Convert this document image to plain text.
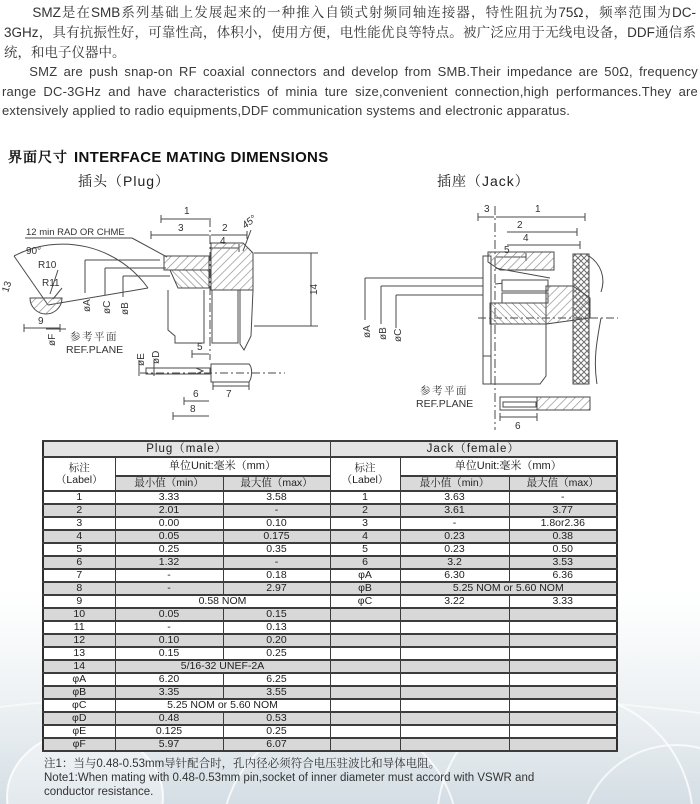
SMZ是在SMB系列基础上发展起来的一种推入自锁式射频同轴连接器，特性阻抗为75Ω，频率范围为DC-3GHz，具有抗振性好，可靠性高，体积小，使用方便，电性能优良等特点。被广泛应用于无线电设备，DDF通信系统，和电子仪器中。
SMZ are push snap-on RF coaxial connectors and develop from SMB.Their impedance are 50Ω, frequency range DC-3GHz and have characteristics of minia ture size,convenient connection,high performances.They are extensively applied to radio equipments,DDF communication systems and electronic apparatus.
界面尺寸 INTERFACE MATING DIMENSIONS
插头（Plug）	插座（Jack）
12 min RAD OR CHME
90°
R10
R11
13
9
øF
1
3	2
4
45°
14
øA øC øB
参考平面
REF.PLANE	5
øE øD
7
6
8
3	1
2
4
5
øA øB øC
参考平面
REF.PLANE
6
Plug（male）			Jack（female）		
标注
（Label）	单位Unit:毫米（mm）		标注
（Label）	单位Unit:毫米（mm）	
	最小值（min）	最大值（max）		最小值（min）	最大值（max）
1	3.33	3.58	1	3.63	-
2	2.01	-	2	3.61	3.77
3	0.00	0.10	3	-	1.8or2.36
4	0.05	0.175	4	0.23	0.38
5	0.25	0.35	5	0.23	0.50
6	1.32	-	6	3.2	3.53
7	-	0.18	φA	6.30	6.36
8	-	2.97	φB	5.25 NOM or 5.60 NOM	
9	0.58 NOM		φC	3.22	3.33
10	0.05	0.15			
11	-	0.13			
12	0.10	0.20			
13	0.15	0.25			
14	5/16-32 UNEF-2A				
φA	6.20	6.25			
φB	3.35	3.55			
φC	5.25 NOM or 5.60 NOM				
φD	0.48	0.53			
φE	0.125	0.25			
φF	5.97	6.07			
注1：当与0.48-0.53mm导针配合时，孔内径必须符合电压驻波比和导体电阻。
Note1:When mating with 0.48-0.53mm pin,socket of inner diameter must accord with VSWR and conductor resistance.
